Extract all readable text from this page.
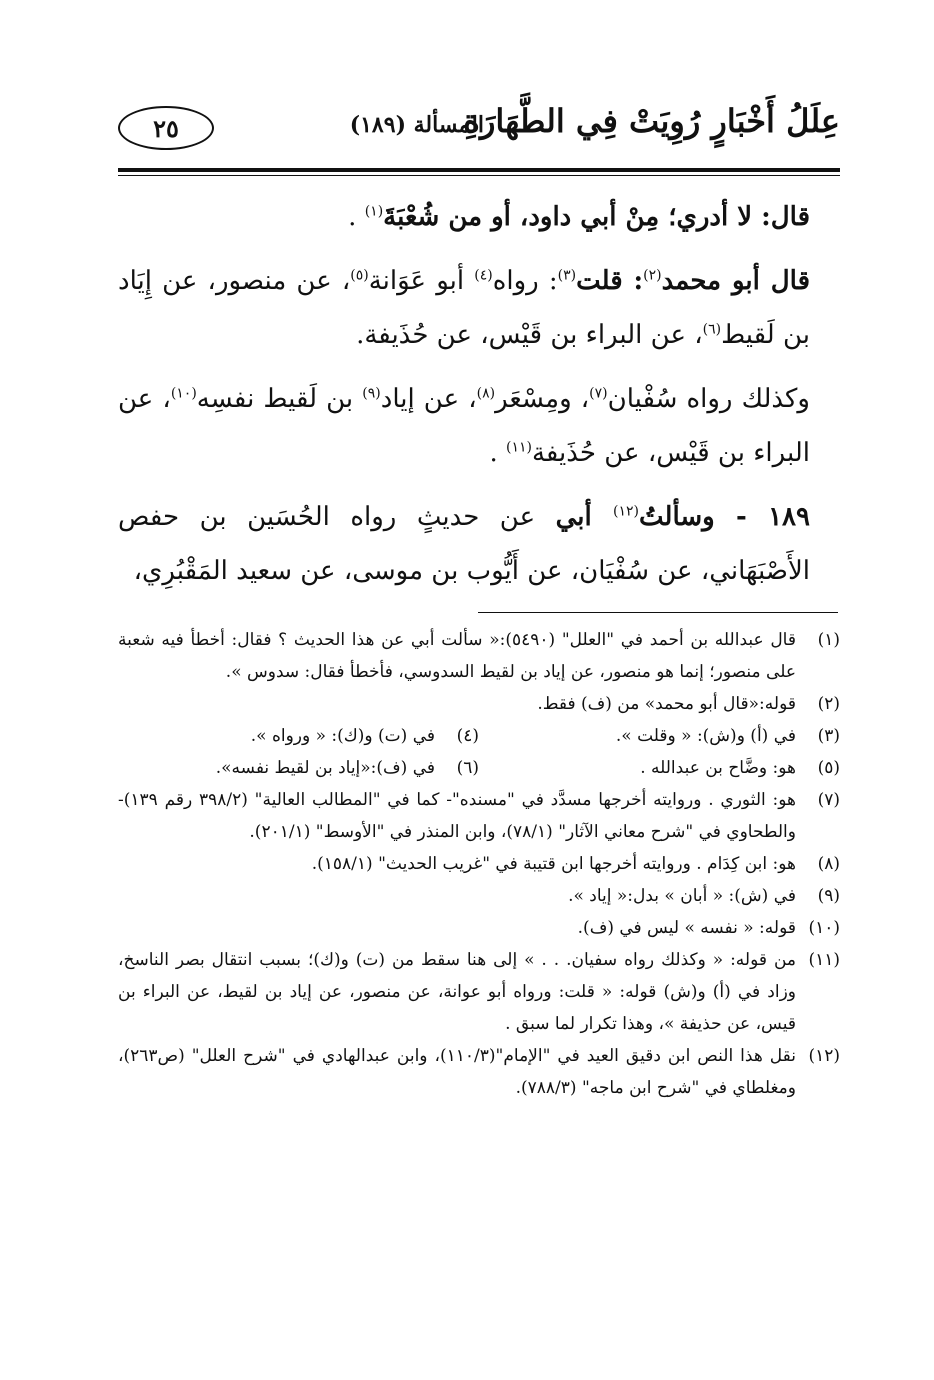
عِلَلُ أَخْبَارٍ رُوِيَتْ فِي الطَّهَارَةِ
المسألة (١٨٩)
٢٥

قال: لا أدري؛ مِنْ أبي داود، أو من شُعْبَةَ$^{(١)}$ .

قال أبو محمد$^{(٢)}$: قلت$^{(٣)}$: رواه$^{(٤)}$ أبو عَوَانة$^{(٥)}$، عن منصور، عن إِيَاد بن لَقيط$^{(٦)}$، عن البراء بن قَيْس، عن حُذَيفة.

وكذلك رواه سُفْيان$^{(٧)}$، ومِسْعَر$^{(٨)}$، عن إياد$^{(٩)}$ بن لَقيط نفسِه$^{(١٠)}$، عن البراء بن قَيْس، عن حُذَيفة$^{(١١)}$ .

١٨٩ - وسألتُ$^{(١٢)}$ أبي عن حديثٍ رواه الحُسَين بن حفص الأَصْبَهَاني، عن سُفْيَان، عن أَيُّوب بن موسى، عن سعيد المَقْبُرِي،

(١)
قال عبدالله بن أحمد في "العلل" (٥٤٩٠):« سألت أبي عن هذا الحديث ؟ فقال: أخطأ فيه شعبة على منصور؛ إنما هو منصور، عن إياد بن لقيط السدوسي، فأخطأ فقال: سدوس ».
(٢)
قوله:«قال أبو محمد» من (ف) فقط.
(٣)
في (أ) و(ش): « وقلت ».
(٤)
في (ت) و(ك): « ورواه ».
(٥)
هو: وضَّاح بن عبدالله .
(٦)
في (ف):«إياد بن لقيط نفسه».
(٧)
هو: الثوري . وروايته أخرجها مسدَّد في "مسنده"- كما في "المطالب العالية" (٣٩٨/٢ رقم ١٣٩)- والطحاوي في "شرح معاني الآثار" (٧٨/١)، وابن المنذر في "الأوسط" (٢٠١/١).
(٨)
هو: ابن كِدَام . وروايته أخرجها ابن قتيبة في "غريب الحديث" (١٥٨/١).
(٩)
في (ش): « أبان » بدل:« إياد ».
(١٠)
قوله: « نفسه » ليس في (ف).
(١١)
من قوله: « وكذلك رواه سفيان. . . » إلى هنا سقط من (ت) و(ك)؛ بسبب انتقال بصر الناسخ، وزاد في (أ) و(ش) قوله: « قلت: ورواه أبو عوانة، عن منصور، عن إياد بن لقيط، عن البراء بن قيس، عن حذيفة »، وهذا تكرار لما سبق .
(١٢)
نقل هذا النص ابن دقيق العيد في "الإمام"(١١٠/٣)، وابن عبدالهادي في "شرح العلل" (ص٢٦٣)، ومغلطاي في "شرح ابن ماجه" (٧٨٨/٣).
